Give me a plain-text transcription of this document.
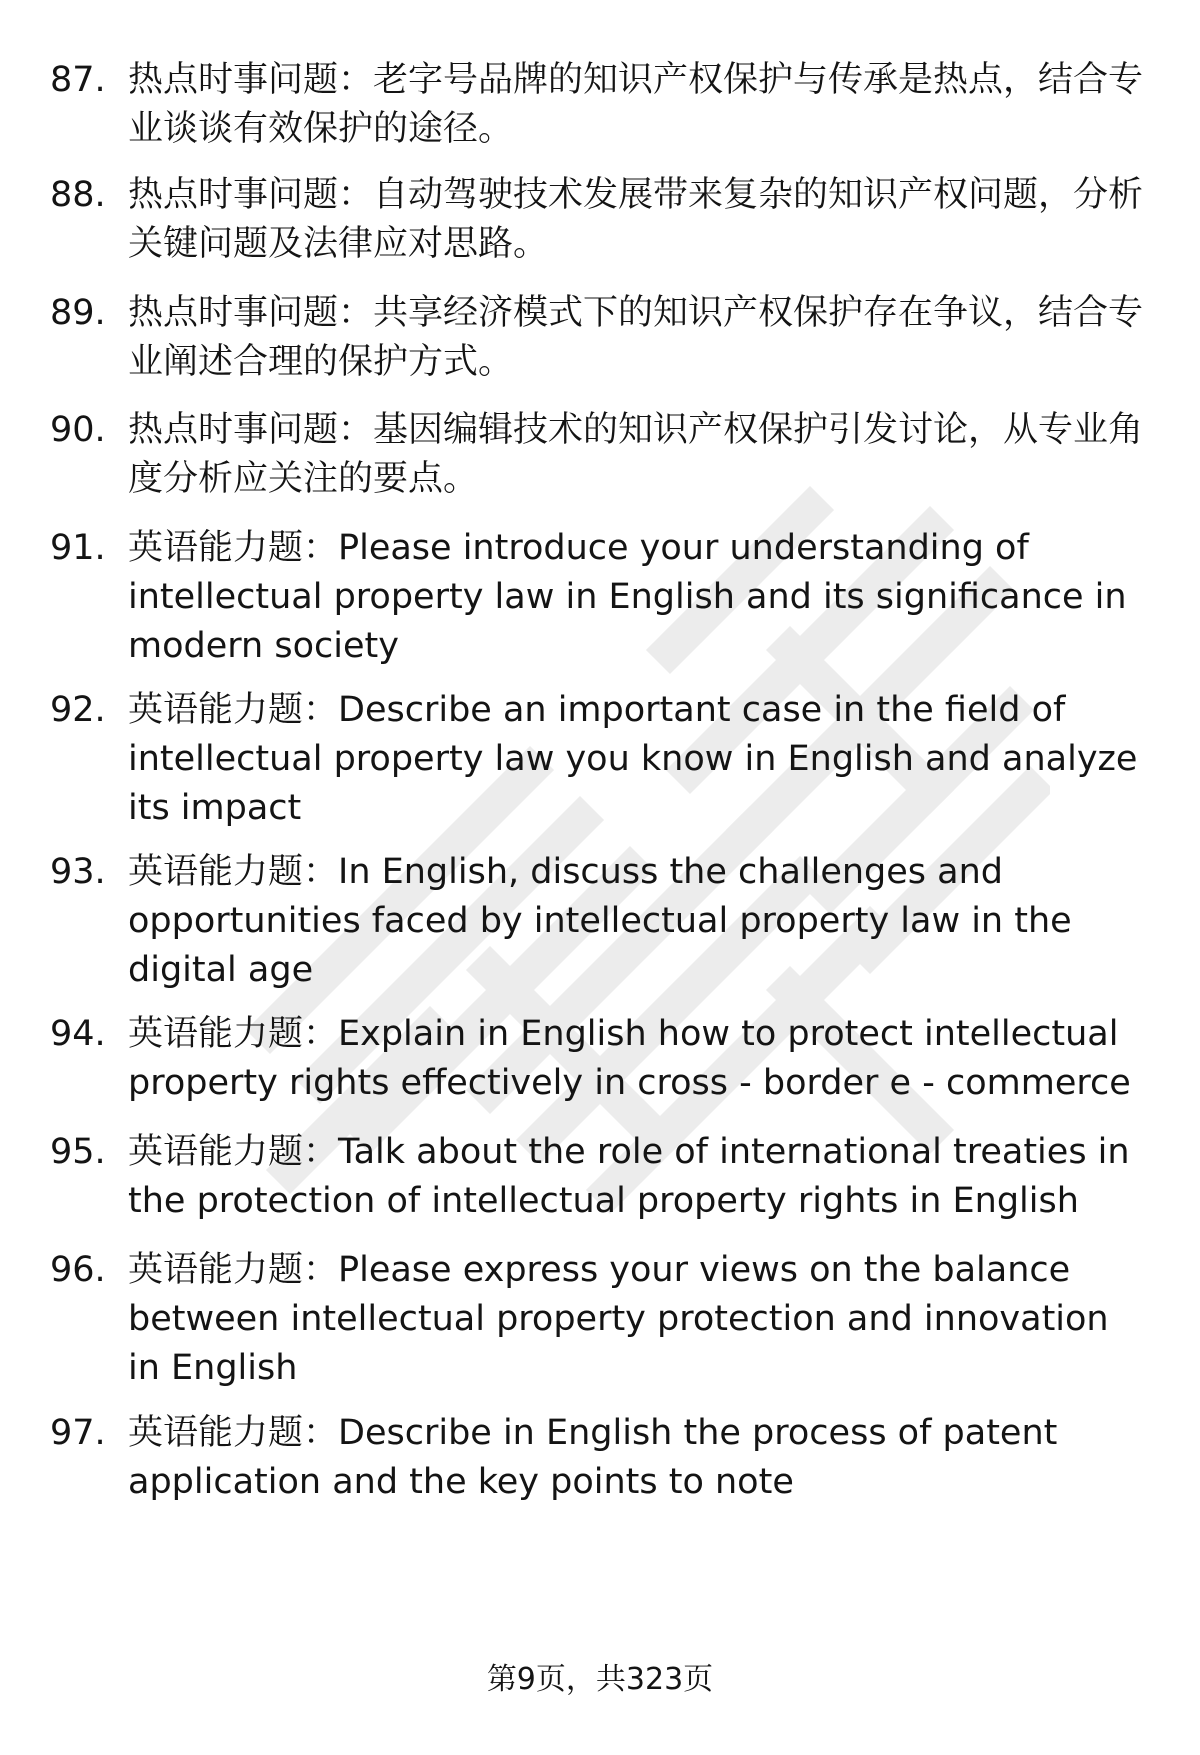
87. 热点时事问题：老字号品牌的知识产权保护与传承是热点，结合专业谈谈有效保护的途径。

88. 热点时事问题：自动驾驶技术发展带来复杂的知识产权问题，分析关键问题及法律应对思路。

89. 热点时事问题：共享经济模式下的知识产权保护存在争议，结合专业阐述合理的保护方式。

90. 热点时事问题：基因编辑技术的知识产权保护引发讨论，从专业角度分析应关注的要点。

91. 英语能力题：Please introduce your understanding of intellectual property law in English and its significance in modern society

92. 英语能力题：Describe an important case in the field of intellectual property law you know in English and analyze its impact

93. 英语能力题：In English, discuss the challenges and opportunities faced by intellectual property law in the digital age

94. 英语能力题：Explain in English how to protect intellectual property rights effectively in cross - border e - commerce

95. 英语能力题：Talk about the role of international treaties in the protection of intellectual property rights in English

96. 英语能力题：Please express your views on the balance between intellectual property protection and innovation in English

97. 英语能力题：Describe in English the process of patent application and the key points to note

第9页，共323页
